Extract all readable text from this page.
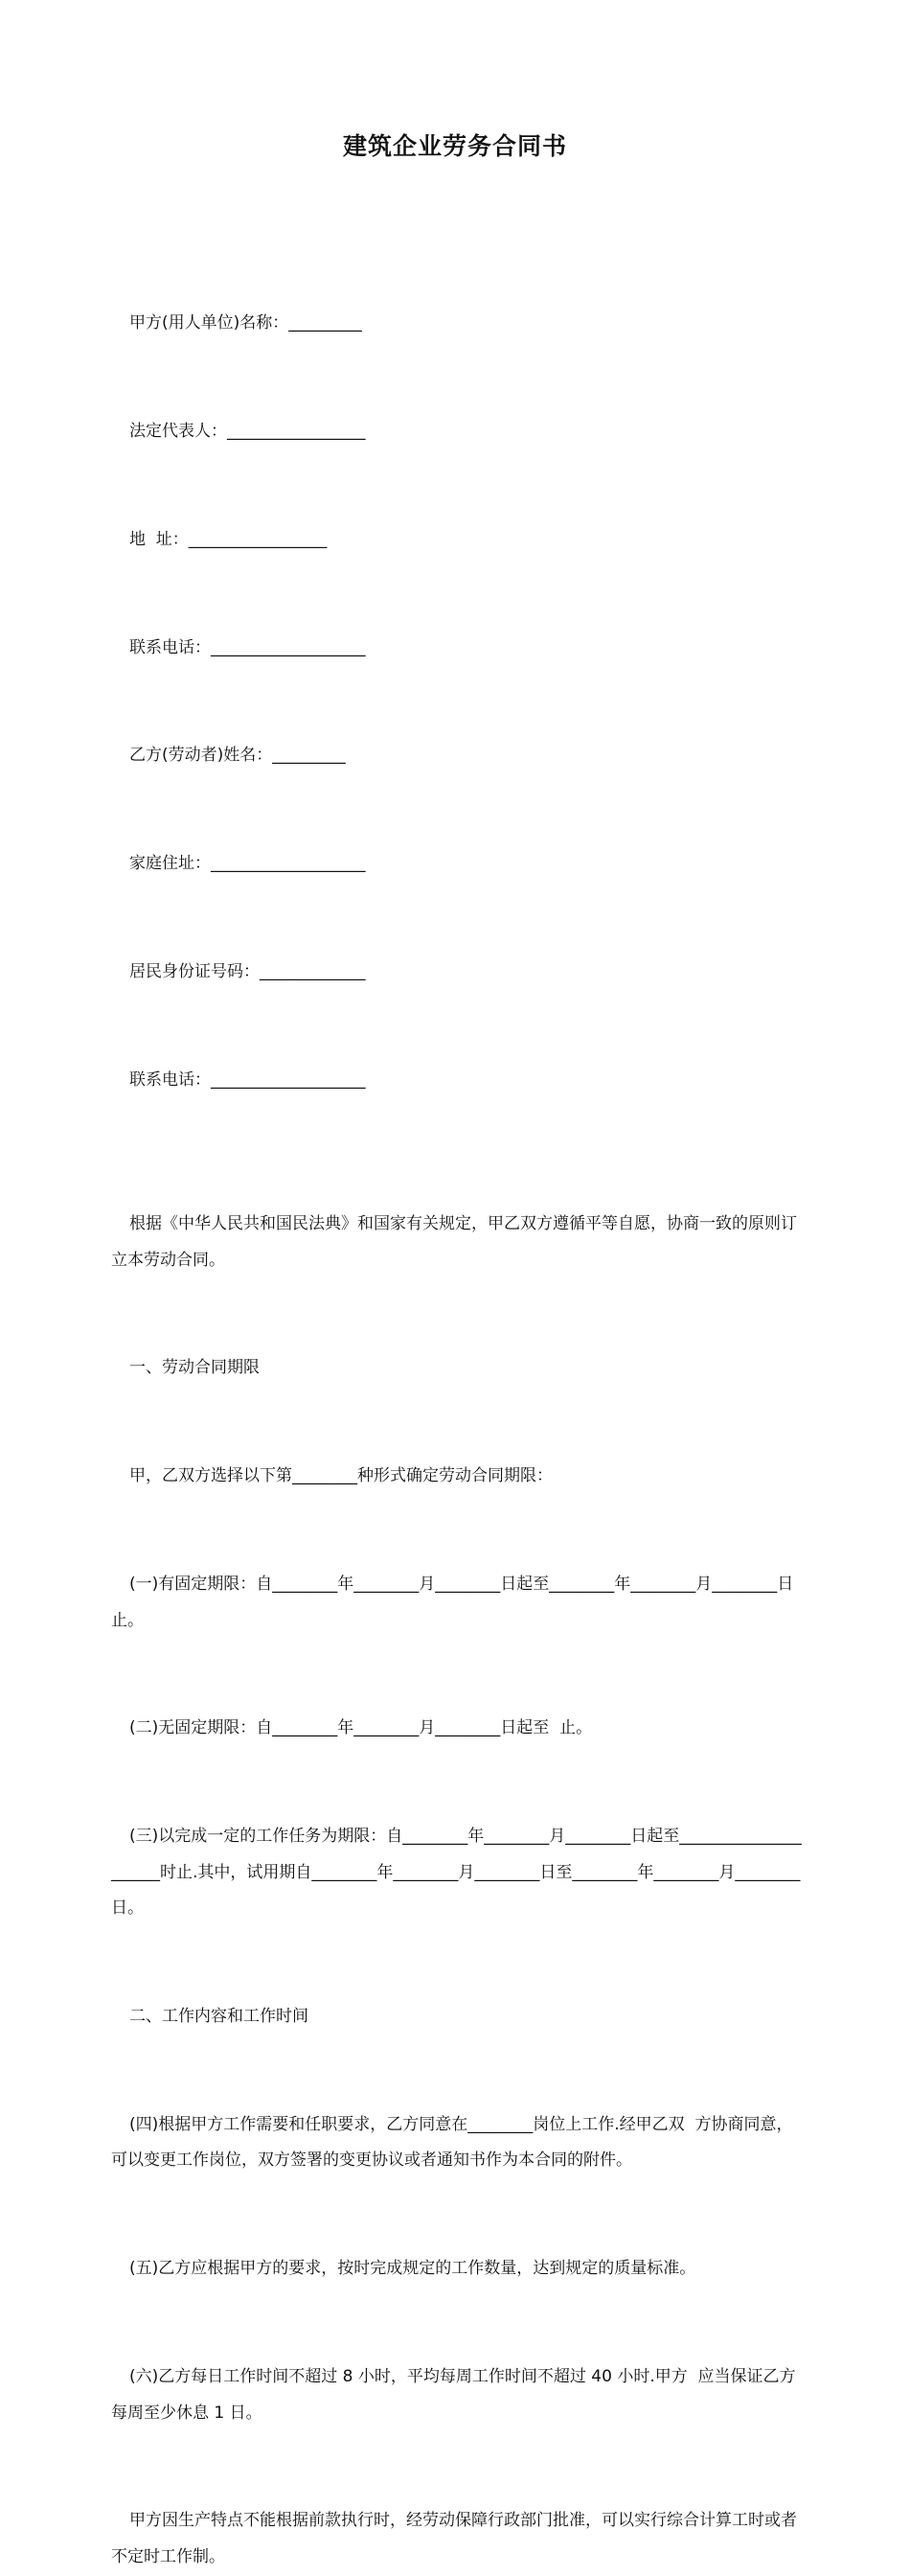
建筑企业劳务合同书

甲方(用人单位)名称：_________

法定代表人：_________________

地  址：_________________

联系电话：___________________

乙方(劳动者)姓名：_________

家庭住址：___________________

居民身份证号码：_____________

联系电话：___________________

根据《中华人民共和国民法典》和国家有关规定，甲乙双方遵循平等自愿，协商一致的原则订立本劳动合同。

一、劳动合同期限

甲，乙双方选择以下第________种形式确定劳动合同期限：

(一)有固定期限：自________年________月________日起至________年________月________日止。

(二)无固定期限：自________年________月________日起至  止。

(三)以完成一定的工作任务为期限：自________年________月________日起至_____________________时止.其中，试用期自________年________月________日至________年________月________日。

二、工作内容和工作时间

(四)根据甲方工作需要和任职要求，乙方同意在________岗位上工作.经甲乙双  方协商同意，可以变更工作岗位，双方签署的变更协议或者通知书作为本合同的附件。

(五)乙方应根据甲方的要求，按时完成规定的工作数量，达到规定的质量标准。

(六)乙方每日工作时间不超过 8 小时，平均每周工作时间不超过 40 小时.甲方  应当保证乙方每周至少休息 1 日。

甲方因生产特点不能根据前款执行时，经劳动保障行政部门批准，可以实行综合计算工时或者不定时工作制。
